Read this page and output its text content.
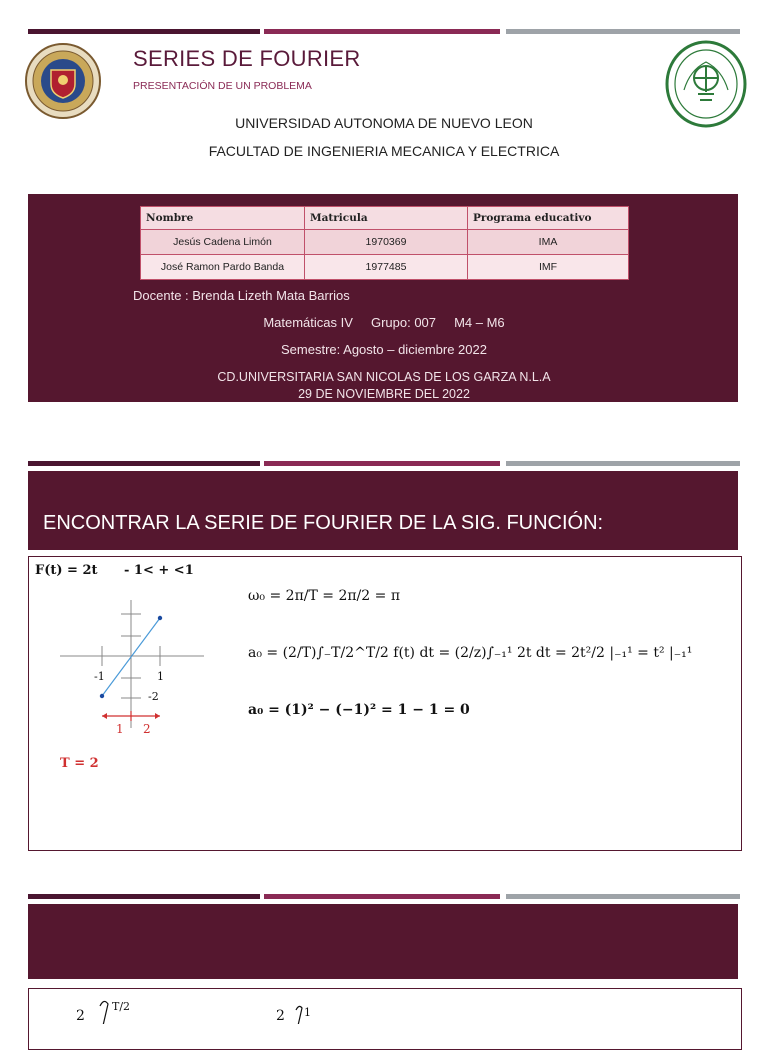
SERIES DE FOURIER
PRESENTACIÓN DE UN PROBLEMA
UNIVERSIDAD AUTONOMA DE NUEVO LEON
FACULTAD DE INGENIERIA MECANICA Y ELECTRICA
Nombre	Matricula	Programa educativo
Jesús Cadena Limón	1970369	IMA
José Ramon Pardo Banda	1977485	IMF
Docente : Brenda Lizeth Mata Barrios
Matemáticas IV     Grupo: 007     M4 – M6
Semestre: Agosto – diciembre 2022
CD.UNIVERSITARIA SAN NICOLAS DE LOS GARZA N.L.A
29 DE NOVIEMBRE DEL 2022
ENCONTRAR LA SERIE DE FOURIER DE LA SIG. FUNCIÓN:
F(t) = 2t - 1< + <1
-1	1
-2
1 2
T = 2
ω₀ = 2π/T = 2π/2 = π
a₀ = (2/T)∫₋T/2^T/2 f(t) dt = (2/z)∫₋₁¹ 2t dt = 2t²/2 |₋₁¹ = t² |₋₁¹
a₀ = (1)² − (−1)² = 1 − 1 = 0
2
T/2
2 1
